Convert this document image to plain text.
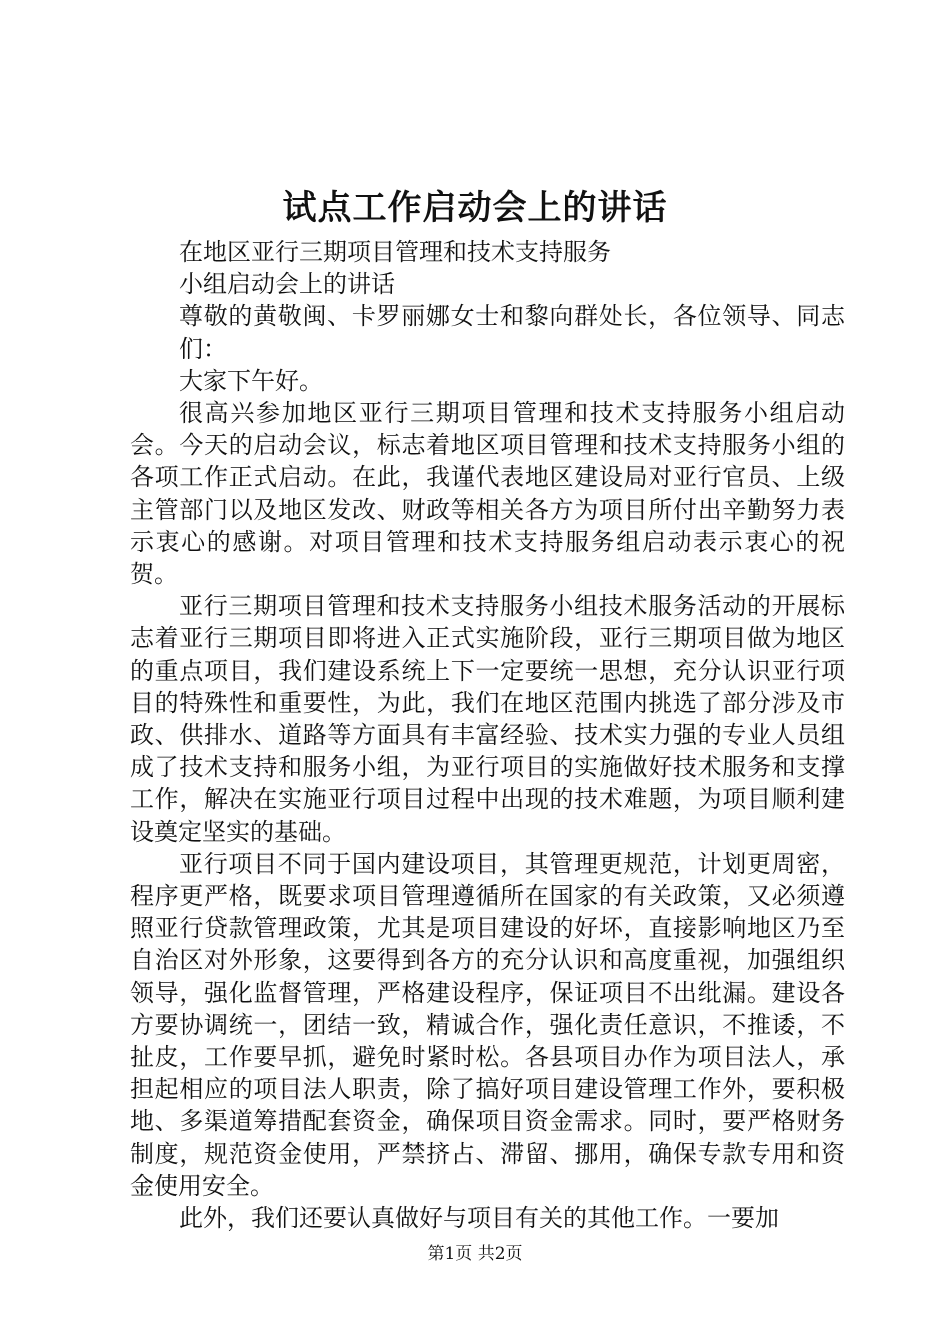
试点工作启动会上的讲话

在地区亚行三期项目管理和技术支持服务

小组启动会上的讲话

尊敬的黄敬闽、卡罗丽娜女士和黎向群处长，各位领导、同志们：

大家下午好。

很高兴参加地区亚行三期项目管理和技术支持服务小组启动会。今天的启动会议，标志着地区项目管理和技术支持服务小组的各项工作正式启动。在此，我谨代表地区建设局对亚行官员、上级主管部门以及地区发改、财政等相关各方为项目所付出辛勤努力表示衷心的感谢。对项目管理和技术支持服务组启动表示衷心的祝贺。

亚行三期项目管理和技术支持服务小组技术服务活动的开展标志着亚行三期项目即将进入正式实施阶段，亚行三期项目做为地区的重点项目，我们建设系统上下一定要统一思想，充分认识亚行项目的特殊性和重要性，为此，我们在地区范围内挑选了部分涉及市政、供排水、道路等方面具有丰富经验、技术实力强的专业人员组成了技术支持和服务小组，为亚行项目的实施做好技术服务和支撑工作，解决在实施亚行项目过程中出现的技术难题，为项目顺利建设奠定坚实的基础。

亚行项目不同于国内建设项目，其管理更规范，计划更周密，程序更严格，既要求项目管理遵循所在国家的有关政策，又必须遵照亚行贷款管理政策，尤其是项目建设的好坏，直接影响地区乃至自治区对外形象，这要得到各方的充分认识和高度重视，加强组织领导，强化监督管理，严格建设程序，保证项目不出纰漏。建设各方要协调统一，团结一致，精诚合作，强化责任意识，不推诿，不扯皮，工作要早抓，避免时紧时松。各县项目办作为项目法人，承担起相应的项目法人职责，除了搞好项目建设管理工作外，要积极地、多渠道筹措配套资金，确保项目资金需求。同时，要严格财务制度，规范资金使用，严禁挤占、滞留、挪用，确保专款专用和资金使用安全。

此外，我们还要认真做好与项目有关的其他工作。一要加

第1页 共2页
